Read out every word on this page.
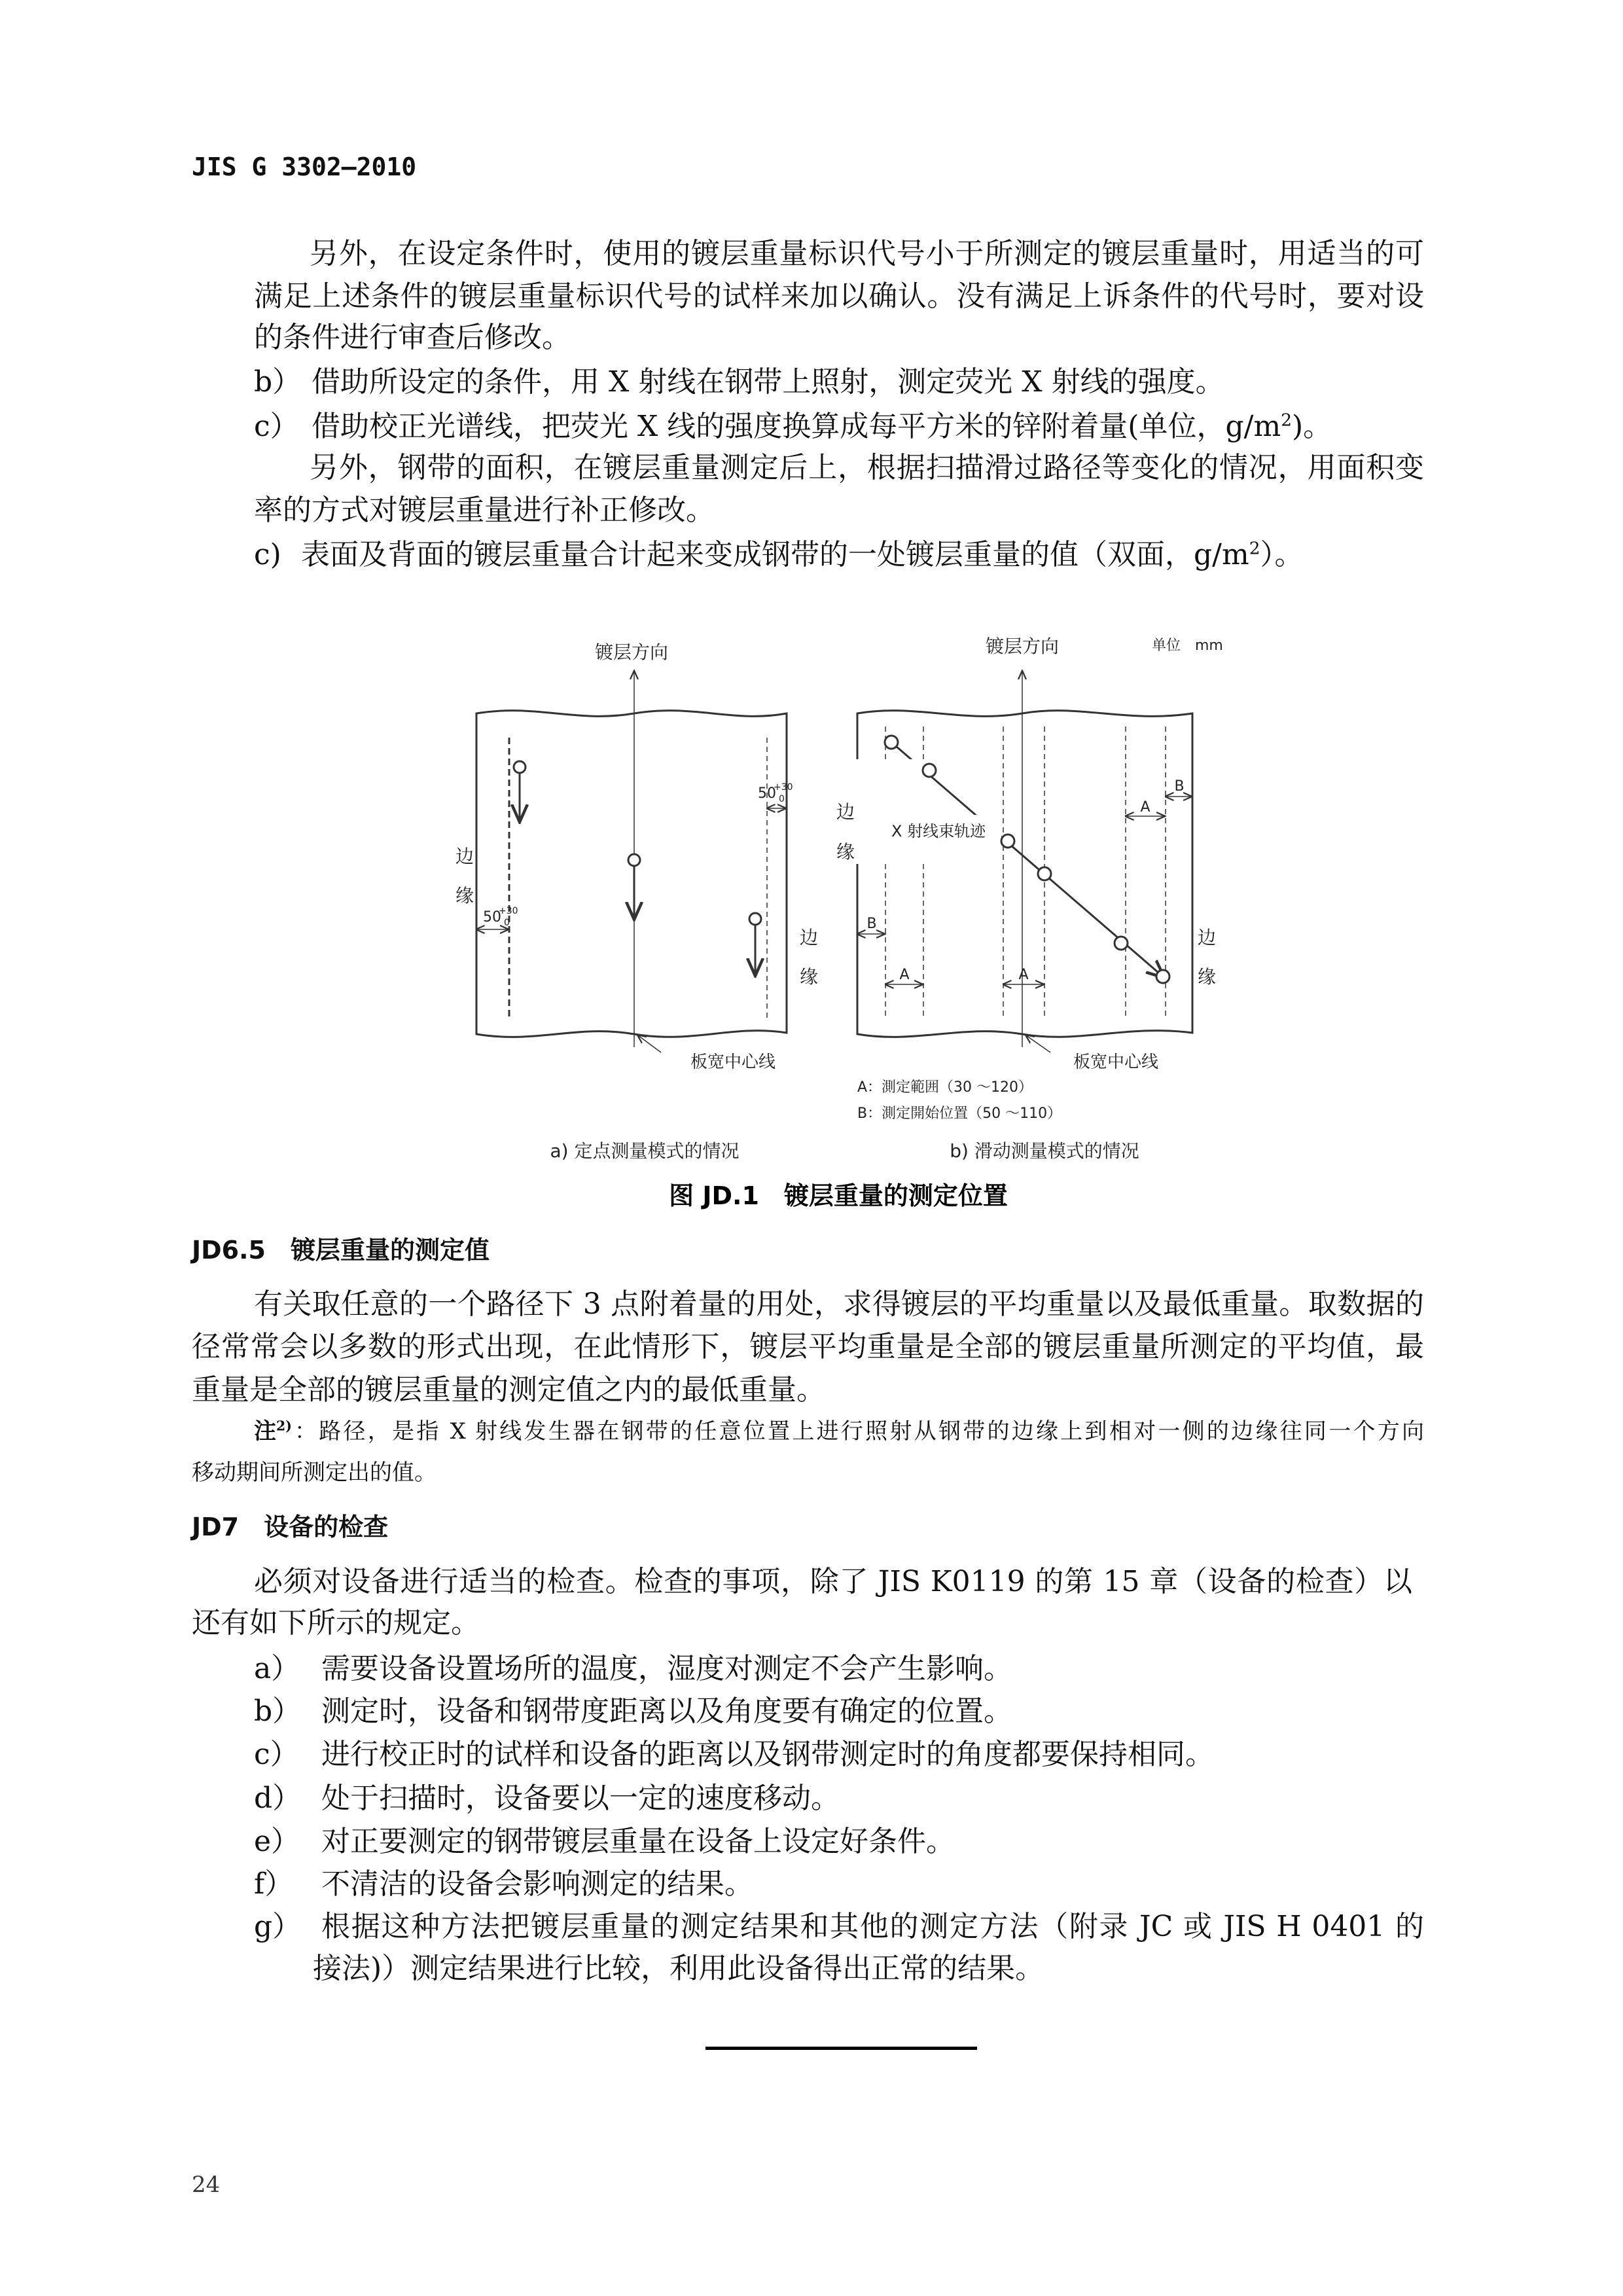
JIS G 3302—2010
另外，在设定条件时，使用的镀层重量标识代号小于所测定的镀层重量时，用适当的可
满足上述条件的镀层重量标识代号的试样来加以确认。没有满足上诉条件的代号时，要对设
的条件进行审查后修改。
b） 借助所设定的条件，用 X 射线在钢带上照射，测定荧光 X 射线的强度。
c） 借助校正光谱线，把荧光 X 线的强度换算成每平方米的锌附着量(单位，$g/m^2$)。
另外，钢带的面积，在镀层重量测定后上，根据扫描滑过路径等变化的情况，用面积变
率的方式对镀层重量进行补正修改。
c) 表面及背面的镀层重量合计起来变成钢带的一处镀层重量的值（双面，$g/m^2$）。
镀层方向
边
缘
边
缘
50
+30
0
50
+30
0
板宽中心线
镀层方向	单位　mm
X 射线束轨迹
边
缘
边
缘
B
A	A
A
B
板宽中心线
A：測定範囲（30 ～120）
B：測定開始位置（50 ～110）
a) 定点测量模式的情况	b) 滑动测量模式的情况
图 JD.1　镀层重量的测定位置
JD6.5　镀层重量的测定值
有关取任意的一个路径下 3 点附着量的用处，求得镀层的平均重量以及最低重量。取数据的
径常常会以多数的形式出现，在此情形下，镀层平均重量是全部的镀层重量所测定的平均值，最
重量是全部的镀层重量的测定值之内的最低重量。
注$^{2)}$ ：路径，是指 X 射线发生器在钢带的任意位置上进行照射从钢带的边缘上到相对一侧的边缘往同一个方向
移动期间所测定出的值。
JD7　设备的检查
必须对设备进行适当的检查。检查的事项，除了 JIS K0119 的第 15 章（设备的检查）以
还有如下所示的规定。
a） 需要设备设置场所的温度，湿度对测定不会产生影响。
b） 测定时，设备和钢带度距离以及角度要有确定的位置。
c） 进行校正时的试样和设备的距离以及钢带测定时的角度都要保持相同。
d） 处于扫描时，设备要以一定的速度移动。
e） 对正要测定的钢带镀层重量在设备上设定好条件。
f） 不清洁的设备会影响测定的结果。
g） 根据这种方法把镀层重量的测定结果和其他的测定方法（附录 JC 或 JIS H 0401 的
接法)）测定结果进行比较，利用此设备得出正常的结果。
24
